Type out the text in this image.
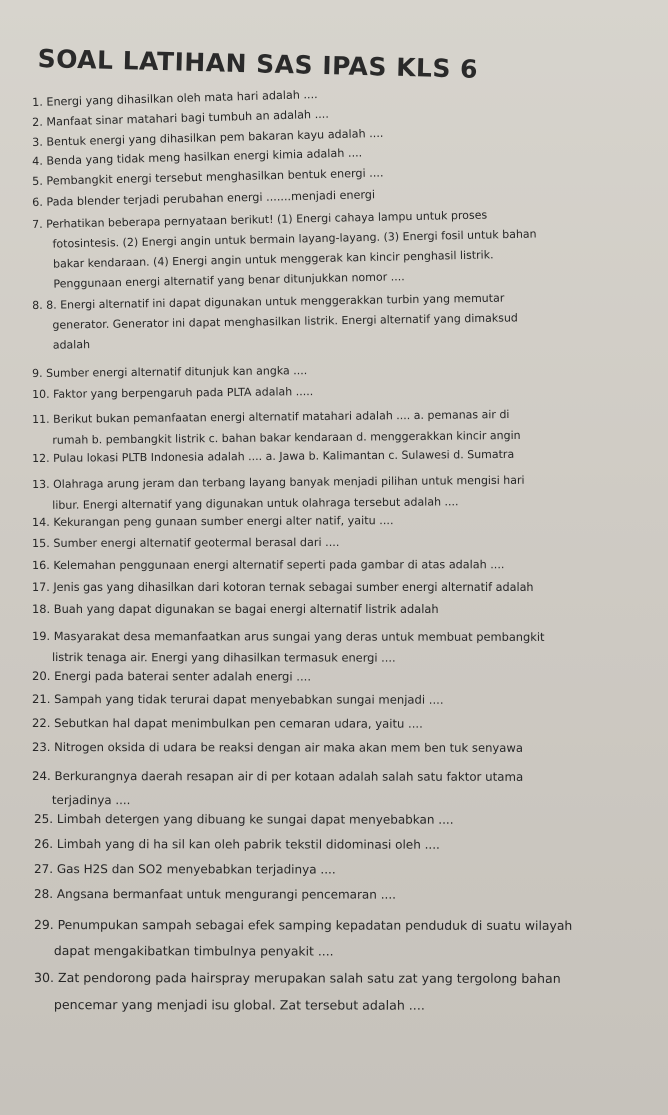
SOAL LATIHAN SAS IPAS KLS 6
1. Energi yang dihasilkan oleh mata hari adalah ....
2. Manfaat sinar matahari bagi tumbuh an adalah ....
3. Bentuk energi yang dihasilkan pem bakaran kayu adalah ....
4. Benda yang tidak meng hasilkan energi kimia adalah ....
5. Pembangkit energi tersebut menghasilkan bentuk energi ....
6. Pada blender terjadi perubahan energi .......menjadi energi
7. Perhatikan beberapa pernyataan berikut! (1) Energi cahaya lampu untuk proses
fotosintesis. (2) Energi angin untuk bermain layang-layang. (3) Energi fosil untuk bahan
bakar kendaraan. (4) Energi angin untuk menggerak kan kincir penghasil listrik.
Penggunaan energi alternatif yang benar ditunjukkan nomor ....
8. 8. Energi alternatif ini dapat digunakan untuk menggerakkan turbin yang memutar
generator. Generator ini dapat menghasilkan listrik. Energi alternatif yang dimaksud
adalah
9. Sumber energi alternatif ditunjuk kan angka ....
10. Faktor yang berpengaruh pada PLTA adalah .....
11. Berikut bukan pemanfaatan energi alternatif matahari adalah .... a. pemanas air di
rumah b. pembangkit listrik c. bahan bakar kendaraan d. menggerakkan kincir angin
12. Pulau lokasi PLTB Indonesia adalah .... a. Jawa b. Kalimantan c. Sulawesi d. Sumatra
13. Olahraga arung jeram dan terbang layang banyak menjadi pilihan untuk mengisi hari
libur. Energi alternatif yang digunakan untuk olahraga tersebut adalah ....
14. Kekurangan peng gunaan sumber energi alter natif, yaitu ....
15. Sumber energi alternatif geotermal berasal dari ....
16. Kelemahan penggunaan energi alternatif seperti pada gambar di atas adalah ....
17. Jenis gas yang dihasilkan dari kotoran ternak sebagai sumber energi alternatif adalah
18. Buah yang dapat digunakan se bagai energi alternatif listrik adalah
19. Masyarakat desa memanfaatkan arus sungai yang deras untuk membuat pembangkit
listrik tenaga air. Energi yang dihasilkan termasuk energi ....
20. Energi pada baterai senter adalah energi ....
21. Sampah yang tidak terurai dapat menyebabkan sungai menjadi ....
22. Sebutkan hal dapat menimbulkan pen cemaran udara, yaitu ....
23. Nitrogen oksida di udara be reaksi dengan air maka akan mem ben tuk senyawa
24. Berkurangnya daerah resapan air di per kotaan adalah salah satu faktor utama
terjadinya ....
25. Limbah detergen yang dibuang ke sungai dapat menyebabkan ....
26. Limbah yang di ha sil kan oleh pabrik tekstil didominasi oleh ....
27. Gas H2S dan SO2 menyebabkan terjadinya ....
28. Angsana bermanfaat untuk mengurangi pencemaran ....
29. Penumpukan sampah sebagai efek samping kepadatan penduduk di suatu wilayah
dapat mengakibatkan timbulnya penyakit ....
30. Zat pendorong pada hairspray merupakan salah satu zat yang tergolong bahan
pencemar yang menjadi isu global. Zat tersebut adalah ....
